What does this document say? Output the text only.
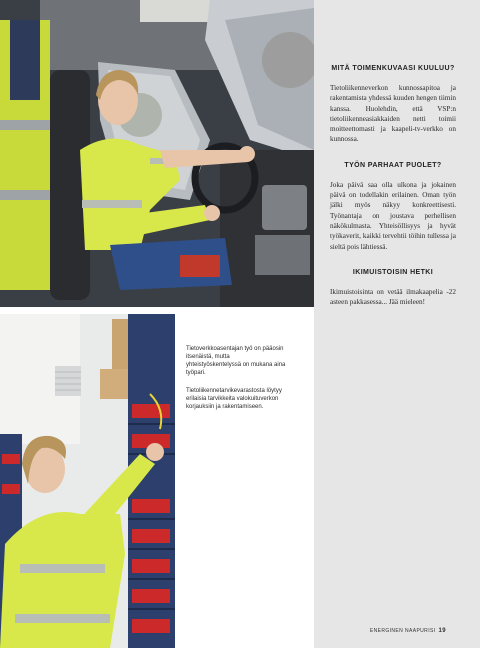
Tietoverkkoasentajan työ on pääosin itsenäistä, mutta yhteistyöskentelyssä on mukana aina työpari.

Tietoliikennetarvikevarastosta löytyy erilaisia tarvikkeita valokuituverkon korjauksiin ja rakentamiseen.

MITÄ TOIMENKUVAASI KUULUU?

Tietoliikenneverkon kunnossapitoa ja rakentamista yhdessä kuuden hengen tiimin kanssa. Huolehdin, että VSP:n tietoliikenneasiakkaiden netti toimii moitteettomasti ja kaapeli-tv-verkko on kunnossa.

TYÖN PARHAAT PUOLET?

Joka päivä saa olla ulkona ja jokainen päivä on todellakin erilainen. Oman työn jälki myös näkyy konkreettisesti. Työnantaja on joustava perhellisen näkökulmasta. Yhteisöllisyys ja hyvät työkaverit, kaikki tervehtii töihin tullessa ja sieltä pois lähtiessä.

IKIMUISTOISIN HETKI

Ikimuistoisinta on vetää ilmakaapelia -22 asteen pakkasessa... Jää mieleen!

ENERGINEN NAAPURISI 19
